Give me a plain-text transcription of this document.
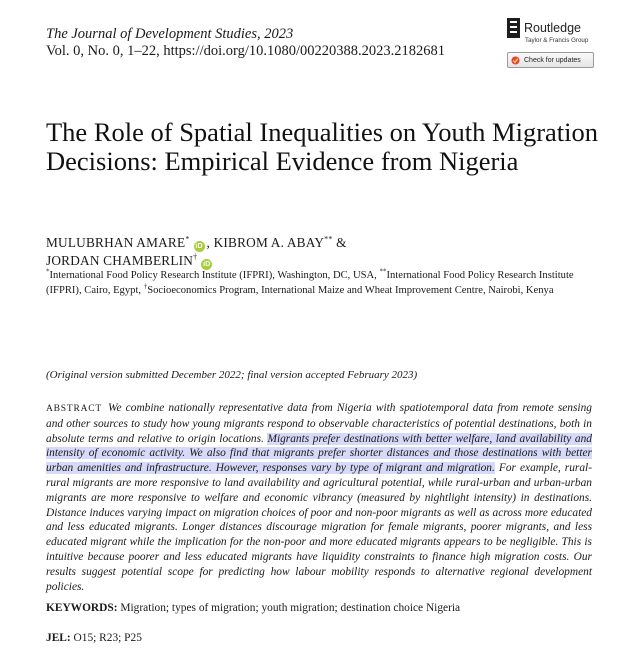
The Journal of Development Studies, 2023
Vol. 0, No. 0, 1–22, https://doi.org/10.1080/00220388.2023.2182681
Routledge
Taylor & Francis Group
Check for updates
The Role of Spatial Inequalities on Youth Migration Decisions: Empirical Evidence from Nigeria
MULUBRHAN AMARE*iD , KIBROM A. ABAY** &
JORDAN CHAMBERLIN†iD
*International Food Policy Research Institute (IFPRI), Washington, DC, USA, **International Food Policy Research Institute (IFPRI), Cairo, Egypt, †Socioeconomics Program, International Maize and Wheat Improvement Centre, Nairobi, Kenya
(Original version submitted December 2022; final version accepted February 2023)
ABSTRACT We combine nationally representative data from Nigeria with spatiotemporal data from remote sensing and other sources to study how young migrants respond to observable characteristics of potential destinations, both in absolute terms and relative to origin locations. Migrants prefer destinations with better welfare, land availability and intensity of economic activity. We also find that migrants prefer shorter distances and those destinations with better urban amenities and infrastructure. However, responses vary by type of migrant and migration. For example, rural-rural migrants are more responsive to land availability and agricultural potential, while rural-urban and urban-urban migrants are more responsive to welfare and economic vibrancy (measured by nightlight intensity) in destinations. Distance induces varying impact on migration choices of poor and non-poor migrants as well as across more educated and less educated migrants. Longer distances discourage migration for female migrants, poorer migrants, and less educated migrant while the implication for the non-poor and more educated migrants appears to be negligible. This is intuitive because poorer and less educated migrants have liquidity constraints to finance high migration costs. Our results suggest potential scope for predicting how labour mobility responds to alternative regional development policies.
KEYWORDS: Migration; types of migration; youth migration; destination choice Nigeria
JEL: O15; R23; P25
